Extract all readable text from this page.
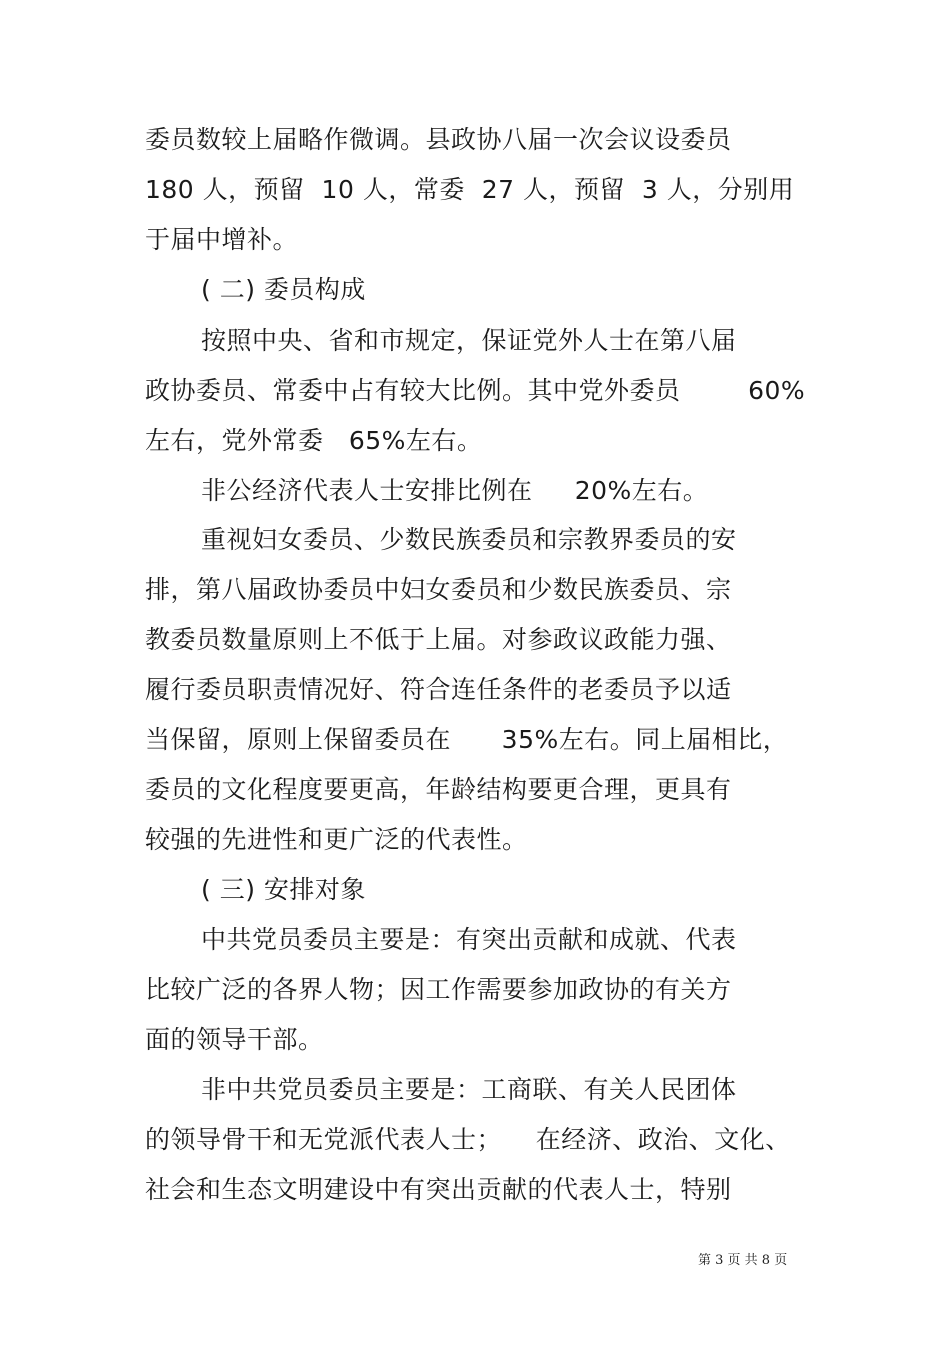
委员数较上届略作微调。县政协八届一次会议设委员
180 人，预留  10 人，常委  27 人，预留  3 人，分别用
于届中增补。
( 二) 委员构成
按照中央、省和市规定，保证党外人士在第八届
政协委员、常委中占有较大比例。其中党外委员        60%
左右，党外常委   65%左右。
非公经济代表人士安排比例在     20%左右。
重视妇女委员、少数民族委员和宗教界委员的安
排，第八届政协委员中妇女委员和少数民族委员、宗
教委员数量原则上不低于上届。对参政议政能力强、
履行委员职责情况好、符合连任条件的老委员予以适
当保留，原则上保留委员在      35%左右。同上届相比，
委员的文化程度要更高，年龄结构要更合理，更具有
较强的先进性和更广泛的代表性。
( 三) 安排对象
中共党员委员主要是：有突出贡献和成就、代表
比较广泛的各界人物；因工作需要参加政协的有关方
面的领导干部。
非中共党员委员主要是：工商联、有关人民团体
的领导骨干和无党派代表人士；    在经济、政治、文化、
社会和生态文明建设中有突出贡献的代表人士，特别
第 3 页 共 8 页
